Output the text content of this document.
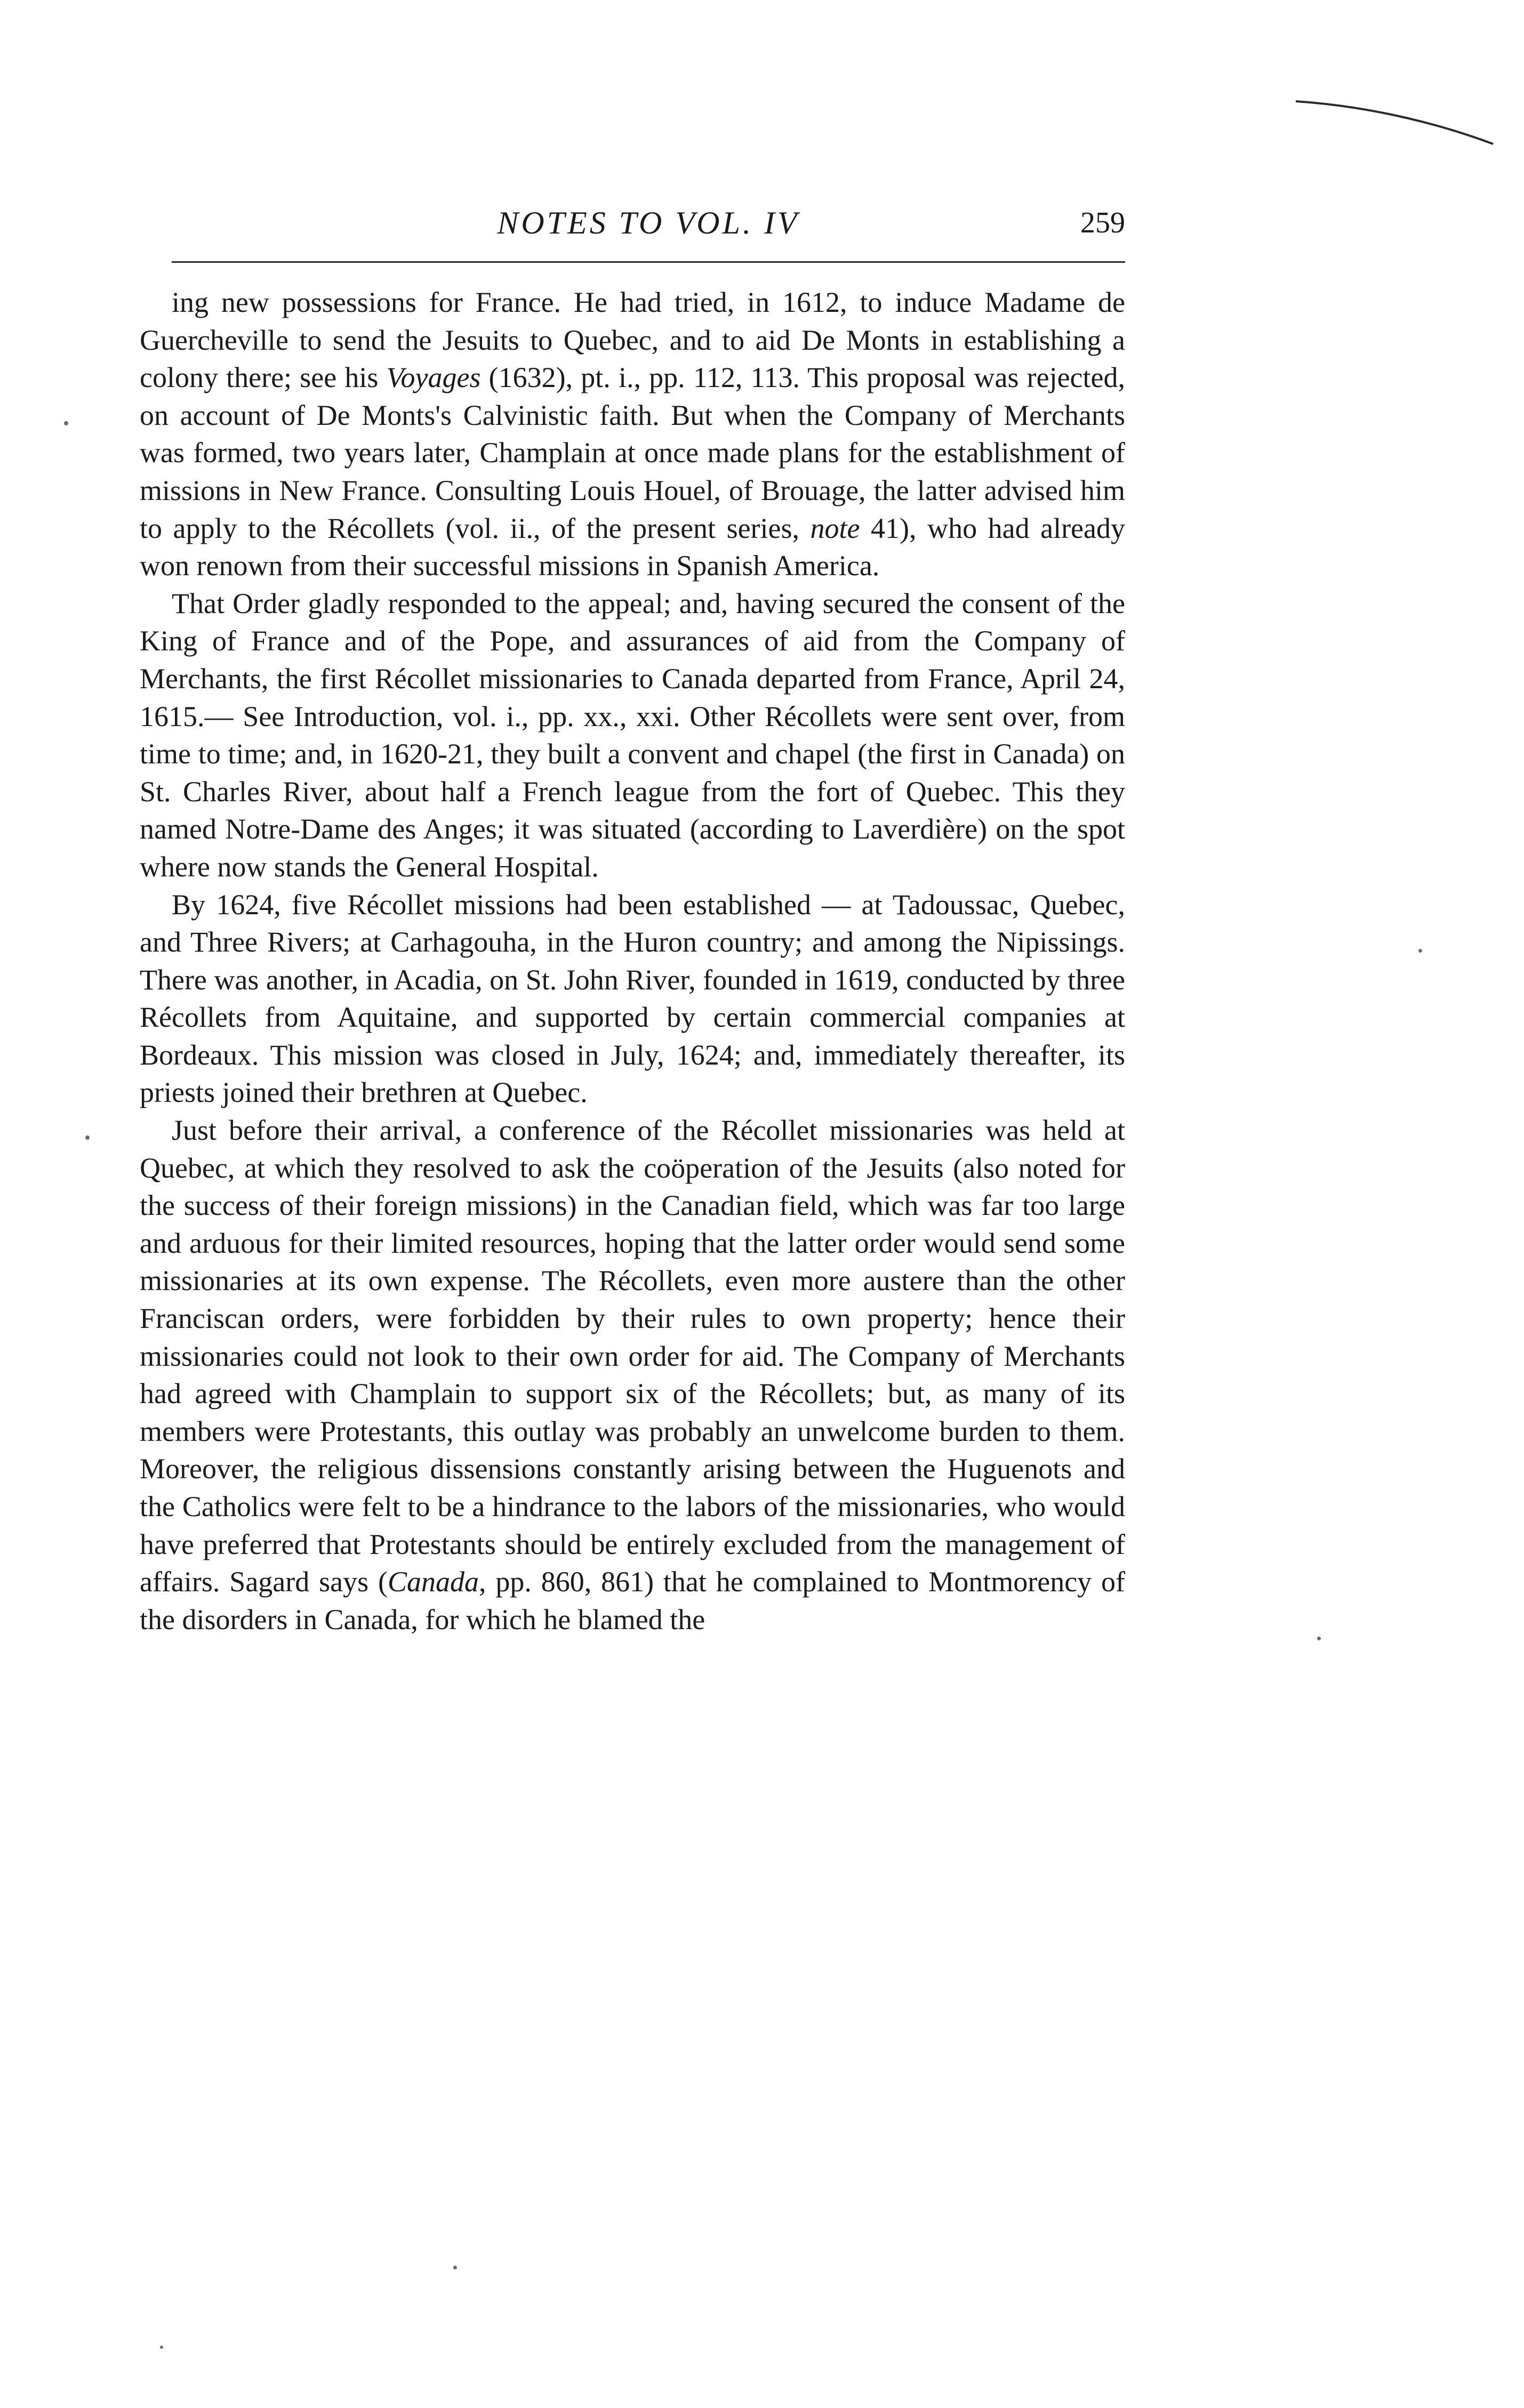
NOTES TO VOL. IV	259

ing new possessions for France. He had tried, in 1612, to induce Madame de Guercheville to send the Jesuits to Quebec, and to aid De Monts in establishing a colony there; see his Voyages (1632), pt. i., pp. 112, 113. This proposal was rejected, on account of De Monts's Calvinistic faith. But when the Company of Merchants was formed, two years later, Champlain at once made plans for the establishment of missions in New France. Consulting Louis Houel, of Brouage, the latter advised him to apply to the Récollets (vol. ii., of the present series, note 41), who had already won renown from their successful missions in Spanish America.

That Order gladly responded to the appeal; and, having secured the consent of the King of France and of the Pope, and assurances of aid from the Company of Merchants, the first Récollet missionaries to Canada departed from France, April 24, 1615.— See Introduction, vol. i., pp. xx., xxi. Other Récollets were sent over, from time to time; and, in 1620-21, they built a convent and chapel (the first in Canada) on St. Charles River, about half a French league from the fort of Quebec. This they named Notre-Dame des Anges; it was situated (according to Laverdière) on the spot where now stands the General Hospital.

By 1624, five Récollet missions had been established — at Tadoussac, Quebec, and Three Rivers; at Carhagouha, in the Huron country; and among the Nipissings. There was another, in Acadia, on St. John River, founded in 1619, conducted by three Récollets from Aquitaine, and supported by certain commercial companies at Bordeaux. This mission was closed in July, 1624; and, immediately thereafter, its priests joined their brethren at Quebec.

Just before their arrival, a conference of the Récollet missionaries was held at Quebec, at which they resolved to ask the coöperation of the Jesuits (also noted for the success of their foreign missions) in the Canadian field, which was far too large and arduous for their limited resources, hoping that the latter order would send some missionaries at its own expense. The Récollets, even more austere than the other Franciscan orders, were forbidden by their rules to own property; hence their missionaries could not look to their own order for aid. The Company of Merchants had agreed with Champlain to support six of the Récollets; but, as many of its members were Protestants, this outlay was probably an unwelcome burden to them. Moreover, the religious dissensions constantly arising between the Huguenots and the Catholics were felt to be a hindrance to the labors of the missionaries, who would have preferred that Protestants should be entirely excluded from the management of affairs. Sagard says (Canada, pp. 860, 861) that he complained to Montmorency of the disorders in Canada, for which he blamed the
